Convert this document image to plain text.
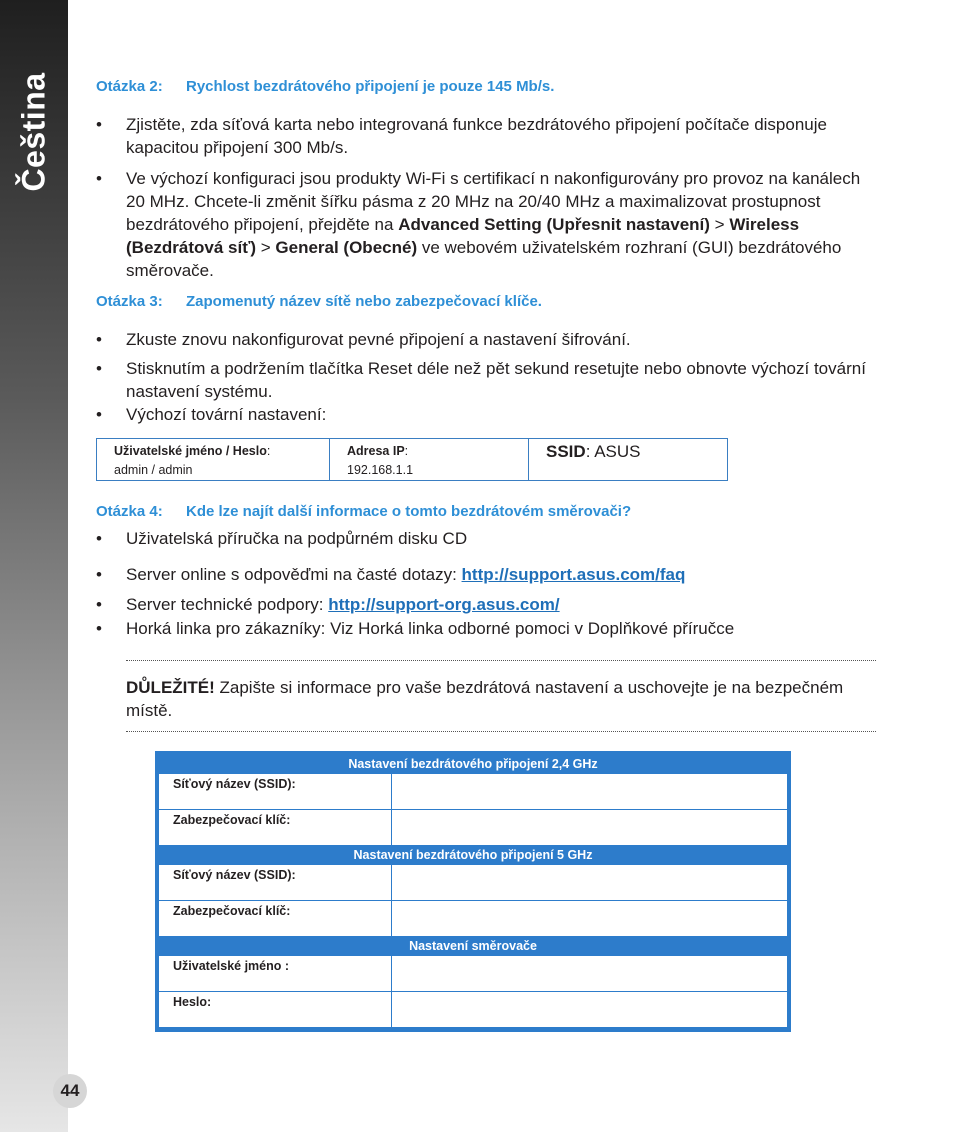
Čeština
44
Otázka 2: Rychlost bezdrátového připojení je pouze 145 Mb/s.
• Zjistěte, zda síťová karta nebo integrovaná funkce bezdrátového připojení počítače disponuje kapacitou připojení 300 Mb/s.
• Ve výchozí konfiguraci jsou produkty Wi-Fi s certifikací n nakonfigurovány pro provoz na kanálech 20 MHz. Chcete-li změnit šířku pásma z 20 MHz na 20/40 MHz a maximalizovat prostupnost bezdrátového připojení, přejděte na Advanced Setting (Upřesnit nastavení) > Wireless (Bezdrátová síť) > General (Obecné) ve webovém uživatelském rozhraní (GUI) bezdrátového směrovače.
Otázka 3: Zapomenutý název sítě nebo zabezpečovací klíče.
• Zkuste znovu nakonfigurovat pevné připojení a nastavení šifrování.
• Stisknutím a podržením tlačítka Reset déle než pět sekund resetujte nebo obnovte výchozí tovární nastavení systému.
• Výchozí tovární nastavení:
Uživatelské jméno / Heslo:
admin / admin
Adresa IP:
192.168.1.1
SSID: ASUS
Otázka 4: Kde lze najít další informace o tomto bezdrátovém směrovači?
• Uživatelská příručka na podpůrném disku CD
• Server online s odpověďmi na časté dotazy: http://support.asus.com/faq
• Server technické podpory: http://support-org.asus.com/
• Horká linka pro zákazníky: Viz Horká linka odborné pomoci v Doplňkové příručce
DŮLEŽITÉ! Zapište si informace pro vaše bezdrátová nastavení a uschovejte je na bezpečném místě.
Nastavení bezdrátového připojení 2,4 GHz
Síťový název (SSID):
Zabezpečovací klíč:
Nastavení bezdrátového připojení 5 GHz
Síťový název (SSID):
Zabezpečovací klíč:
Nastavení směrovače
Uživatelské jméno :
Heslo:
